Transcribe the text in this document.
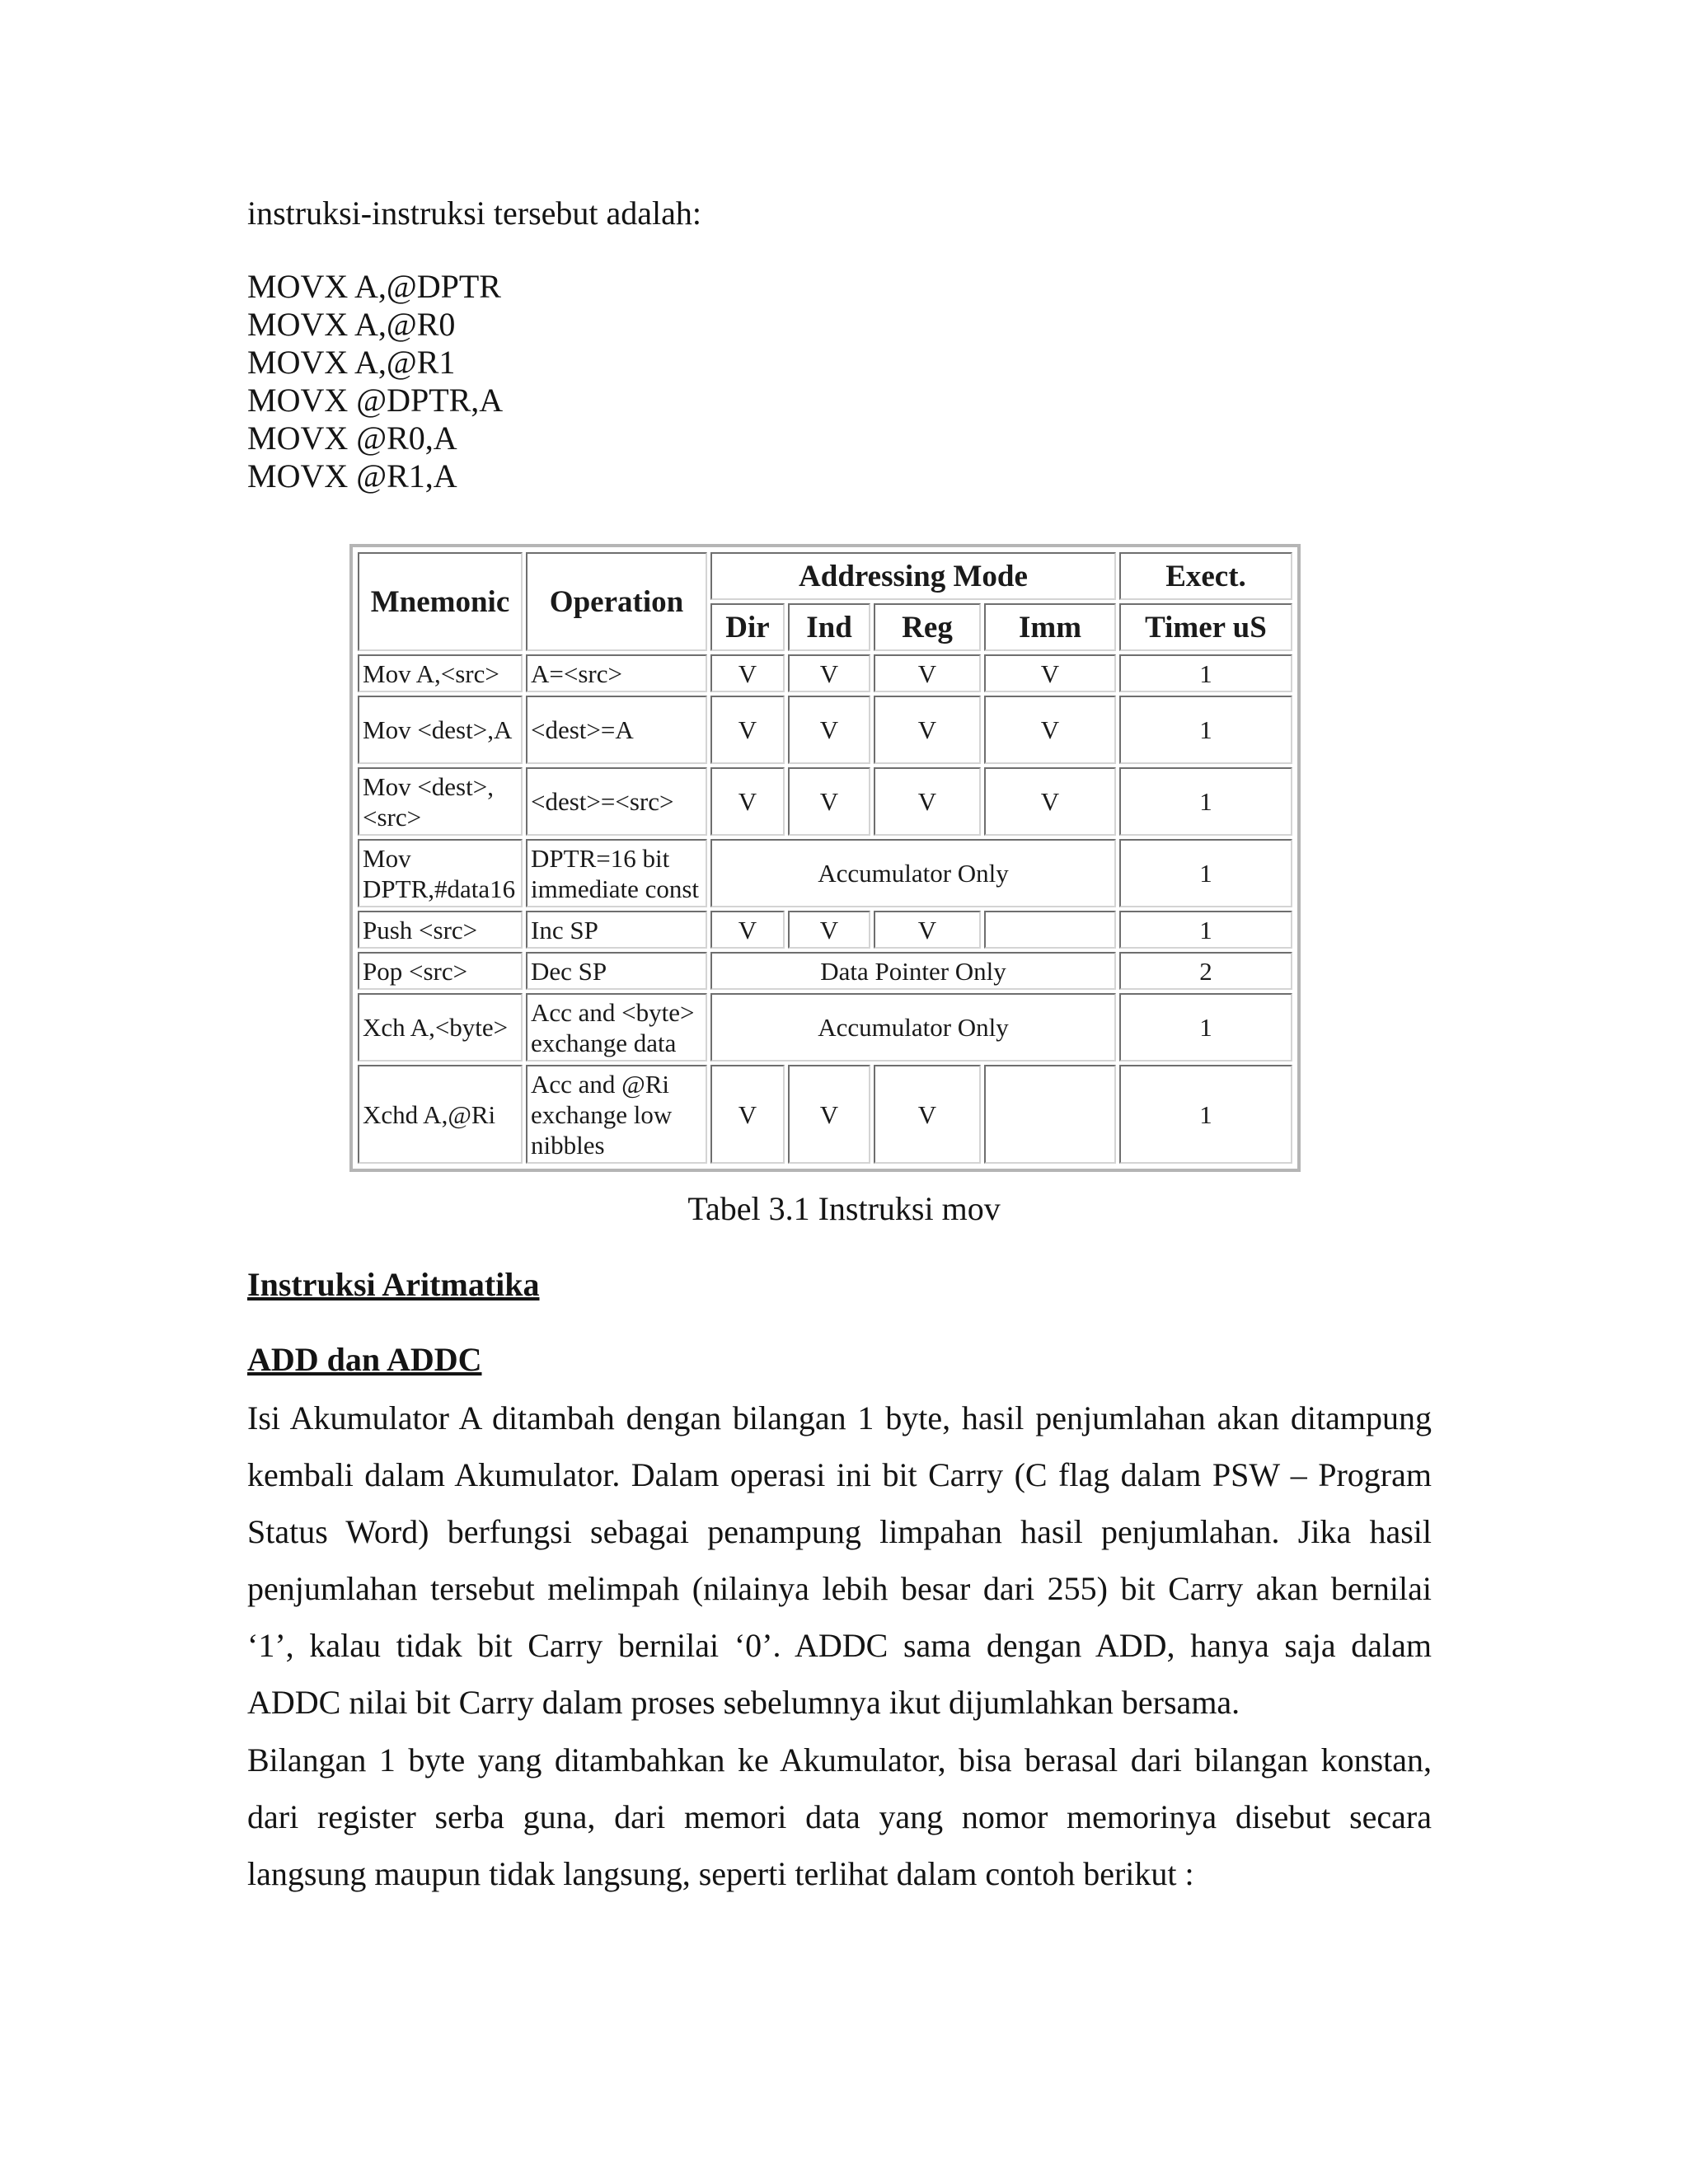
instruksi-instruksi tersebut adalah:

MOVX A,@DPTR
MOVX A,@R0
MOVX A,@R1
MOVX @DPTR,A
MOVX @R0,A
MOVX @R1,A
Mnemonic	Operation	Addressing Mode				Exect.
		Dir	Ind	Reg	Imm	Timer uS
Mov A,<src>	A=<src>	V	V	V	V	1
Mov <dest>,A	<dest>=A	V	V	V	V	1
Mov <dest>, <src>	<dest>=<src>	V	V	V	V	1
Mov DPTR,#data16	DPTR=16 bit immediate const	Accumulator Only				1
Push <src>	Inc SP	V	V	V		1
Pop <src>	Dec SP	Data Pointer Only				2
Xch A,<byte>	Acc and <byte> exchange data	Accumulator Only				1
Xchd A,@Ri	Acc and @Ri exchange low nibbles	V	V	V		1

Tabel 3.1 Instruksi mov

Instruksi Aritmatika

ADD dan ADDC

Isi Akumulator A ditambah dengan bilangan 1 byte, hasil penjumlahan akan ditampung kembali dalam Akumulator. Dalam operasi ini bit Carry (C flag dalam PSW – Program Status Word) berfungsi sebagai penampung limpahan hasil penjumlahan. Jika hasil penjumlahan tersebut melimpah (nilainya lebih besar dari 255) bit Carry akan bernilai ‘1’, kalau tidak bit Carry bernilai ‘0’. ADDC sama dengan ADD, hanya saja dalam ADDC nilai bit Carry dalam proses sebelumnya ikut dijumlahkan bersama.

Bilangan 1 byte yang ditambahkan ke Akumulator, bisa berasal dari bilangan konstan, dari register serba guna, dari memori data yang nomor memorinya disebut secara langsung maupun tidak langsung, seperti terlihat dalam contoh berikut :
